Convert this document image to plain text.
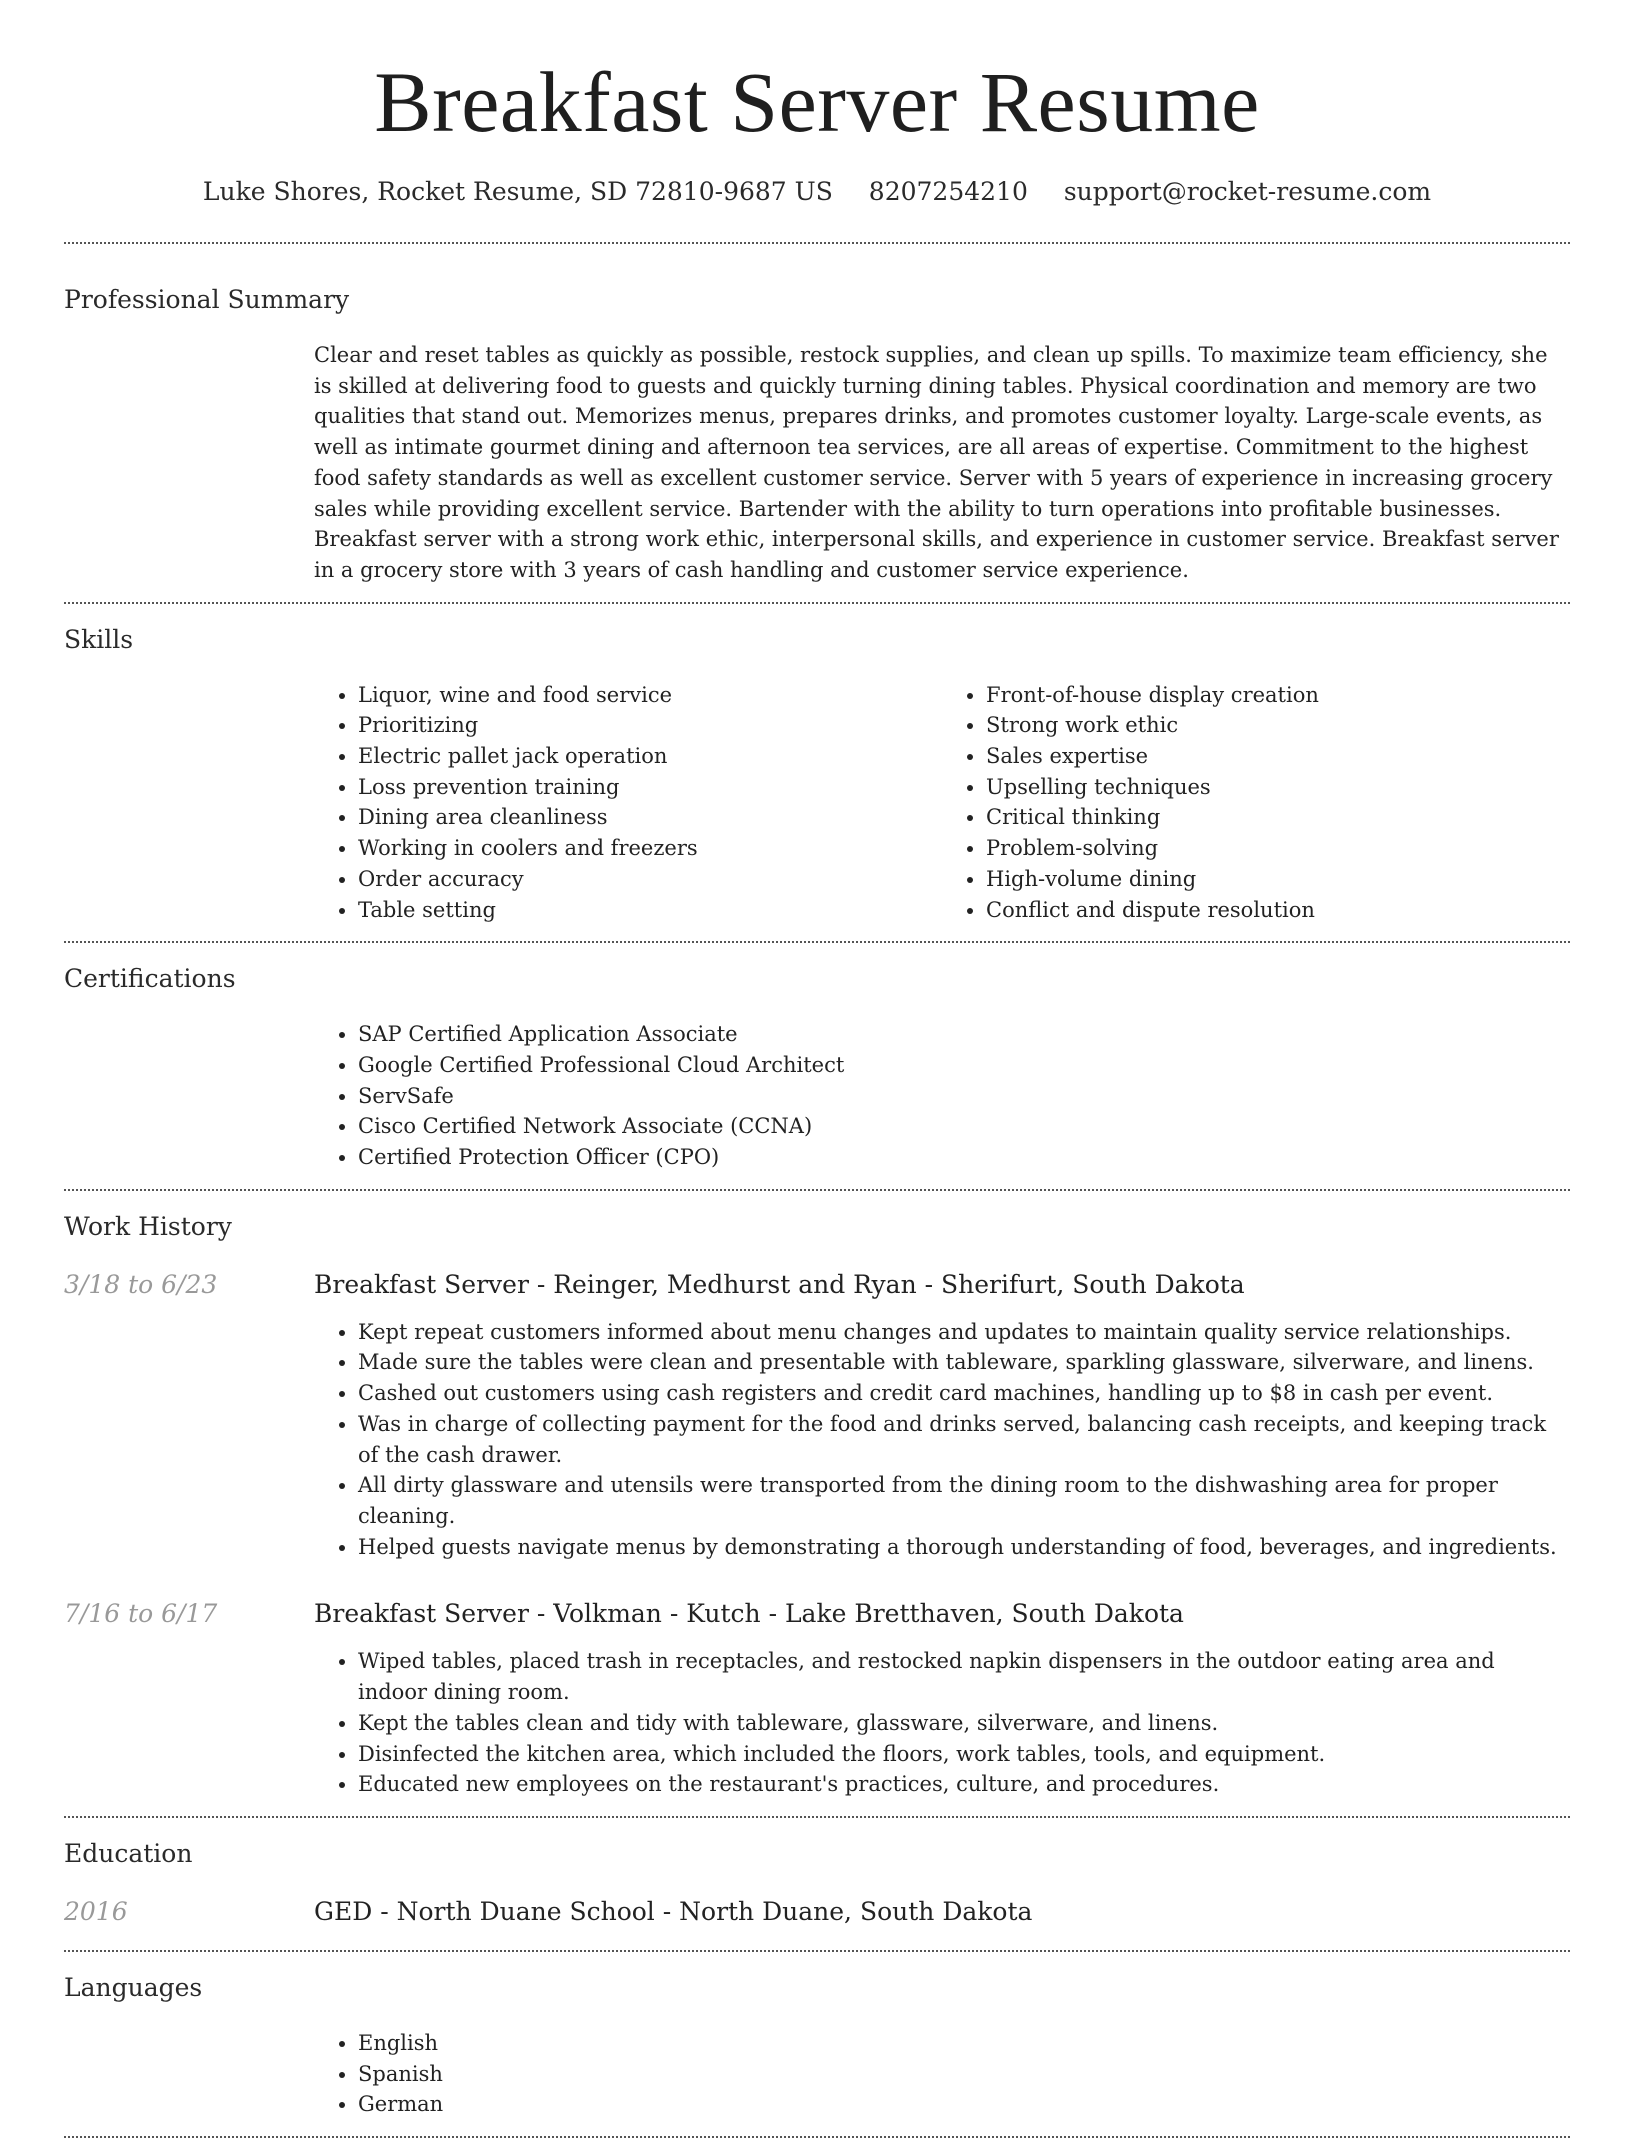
Breakfast Server Resume
Luke Shores, Rocket Resume, SD 72810-9687 US 8207254210 support@rocket-resume.com
Professional Summary
Clear and reset tables as quickly as possible, restock supplies, and clean up spills. To maximize team efficiency, she is skilled at delivering food to guests and quickly turning dining tables. Physical coordination and memory are two qualities that stand out. Memorizes menus, prepares drinks, and promotes customer loyalty. Large-scale events, as well as intimate gourmet dining and afternoon tea services, are all areas of expertise. Commitment to the highest food safety standards as well as excellent customer service. Server with 5 years of experience in increasing grocery sales while providing excellent service. Bartender with the ability to turn operations into profitable businesses. Breakfast server with a strong work ethic, interpersonal skills, and experience in customer service. Breakfast server in a grocery store with 3 years of cash handling and customer service experience.
Skills
• Liquor, wine and food service
• Prioritizing
• Electric pallet jack operation
• Loss prevention training
• Dining area cleanliness
• Working in coolers and freezers
• Order accuracy
• Table setting
• Front-of-house display creation
• Strong work ethic
• Sales expertise
• Upselling techniques
• Critical thinking
• Problem-solving
• High-volume dining
• Conflict and dispute resolution
Certifications
• SAP Certified Application Associate
• Google Certified Professional Cloud Architect
• ServSafe
• Cisco Certified Network Associate (CCNA)
• Certified Protection Officer (CPO)
Work History
3/18 to 6/23	Breakfast Server - Reinger, Medhurst and Ryan - Sherifurt, South Dakota
• Kept repeat customers informed about menu changes and updates to maintain quality service relationships.
• Made sure the tables were clean and presentable with tableware, sparkling glassware, silverware, and linens.
• Cashed out customers using cash registers and credit card machines, handling up to $8 in cash per event.
• Was in charge of collecting payment for the food and drinks served, balancing cash receipts, and keeping track of the cash drawer.
• All dirty glassware and utensils were transported from the dining room to the dishwashing area for proper cleaning.
• Helped guests navigate menus by demonstrating a thorough understanding of food, beverages, and ingredients.
7/16 to 6/17	Breakfast Server - Volkman - Kutch - Lake Bretthaven, South Dakota
• Wiped tables, placed trash in receptacles, and restocked napkin dispensers in the outdoor eating area and indoor dining room.
• Kept the tables clean and tidy with tableware, glassware, silverware, and linens.
• Disinfected the kitchen area, which included the floors, work tables, tools, and equipment.
• Educated new employees on the restaurant's practices, culture, and procedures.
Education
2016	GED - North Duane School - North Duane, South Dakota
Languages
• English
• Spanish
• German
